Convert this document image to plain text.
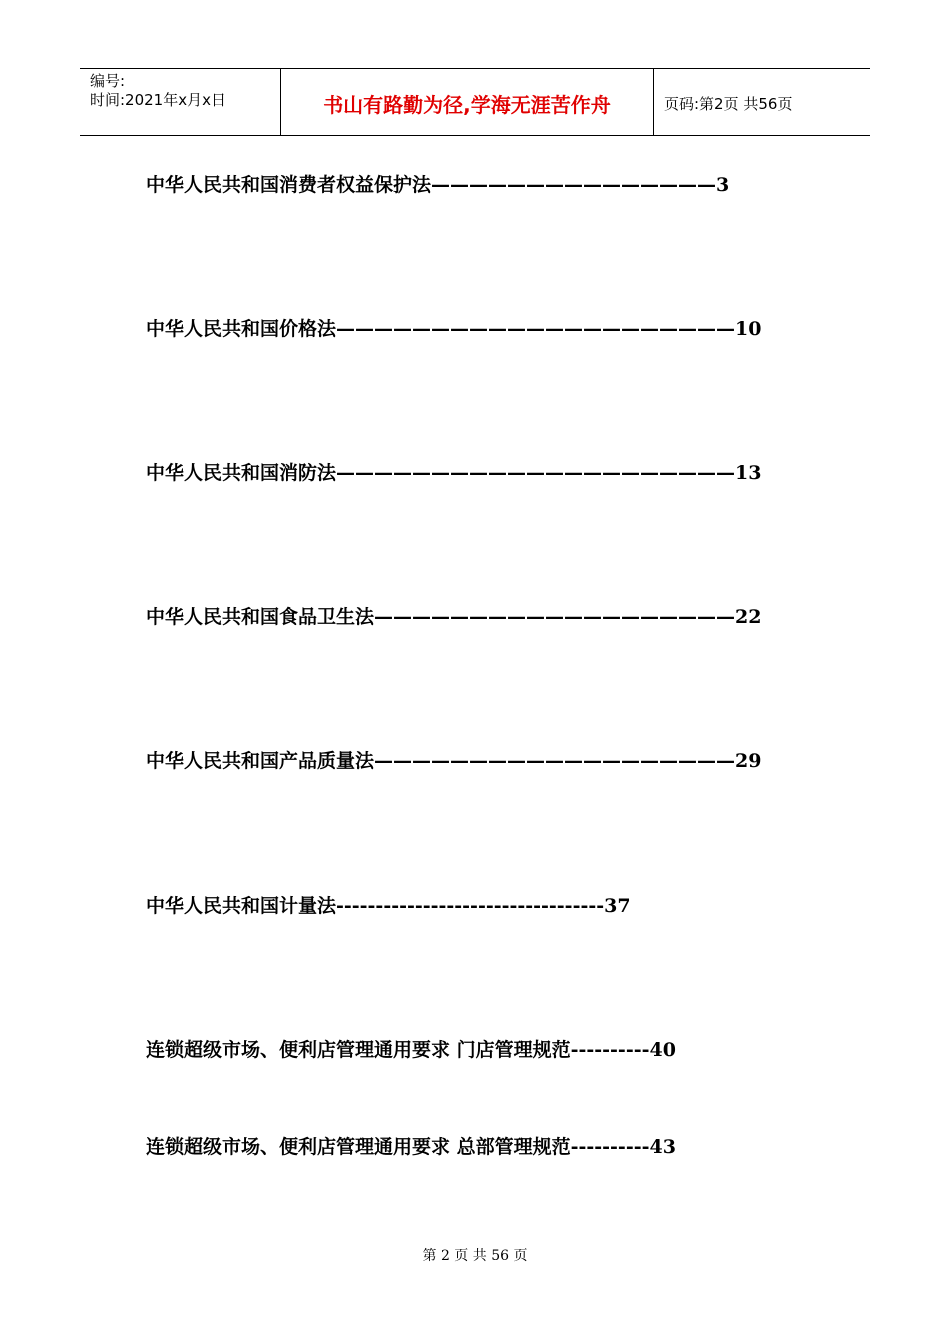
编号:
时间:2021年x月x日	书山有路勤为径,学海无涯苦作舟	页码:第2页 共56页
中华人民共和国消费者权益保护法———————————————3
中华人民共和国价格法—————————————————————10
中华人民共和国消防法—————————————————————13
中华人民共和国食品卫生法———————————————————22
中华人民共和国产品质量法———————————————————29
中华人民共和国计量法----------------------------------37
连锁超级市场、便利店管理通用要求 门店管理规范----------40
连锁超级市场、便利店管理通用要求 总部管理规范----------43
第 2 页 共 56 页
